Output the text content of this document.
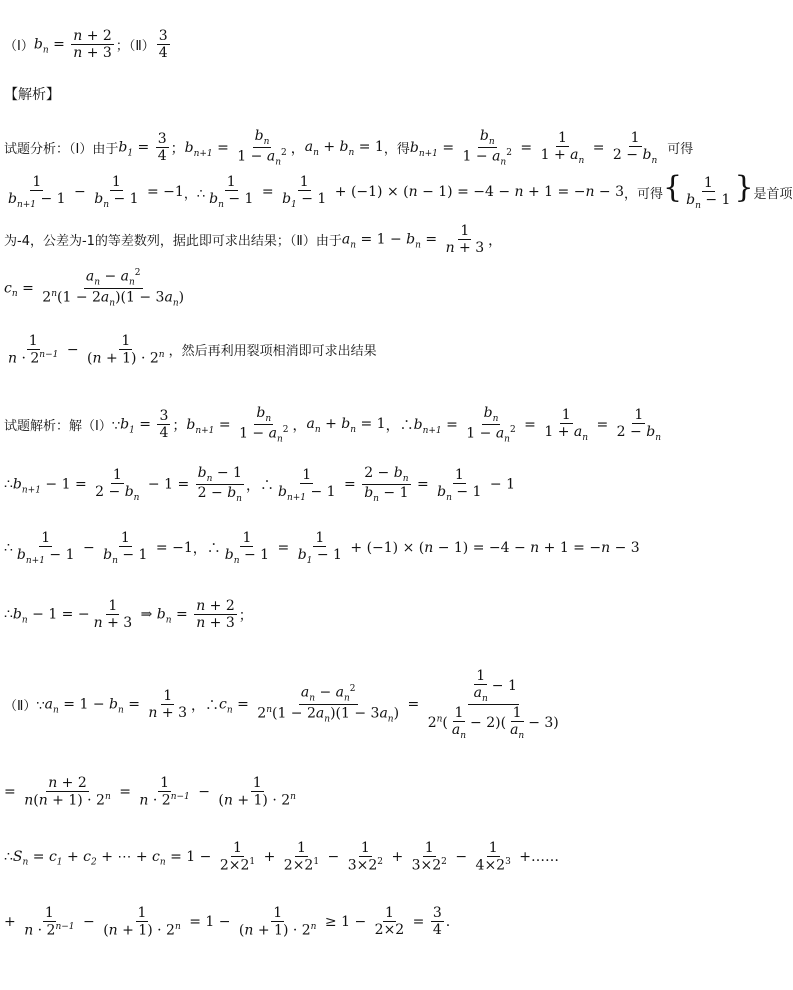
（Ⅰ） $b_n = \frac{n + 2}{n + 3}$ ；（Ⅱ） $\frac{3}{4}$
【解析】
试题分析：（Ⅰ）由于 $b_1 = \frac{3}{4}$ ； $b_{n+1} = \frac{b_n}{1 - a_n^2}$ ， $a_n + b_n = 1$ ，得 $b_{n+1} = \frac{b_n}{1 - a_n^2} = \frac{1}{1 + a_n} = \frac{1}{2 - b_n}$ 可得
$\frac{1}{b_{n+1} - 1} - \frac{1}{b_n - 1} = -1$ ，∴ $\frac{1}{b_n - 1} = \frac{1}{b_1 - 1} + (-1) \times (n - 1) = -4 - n + 1 = -n - 3$ ，可得 { $\frac{1}{b_n - 1}$ } 是首项
为-4，公差为-1的等差数列，据此即可求出结果；（Ⅱ）由于 $a_n = 1 - b_n = \frac{1}{n + 3}$ ，
$c_n = \frac{a_n - a_n^2}{2^n(1 - 2a_n)(1 - 3a_n)}$
$\frac{1}{n \cdot 2^{n-1}} - \frac{1}{(n + 1) \cdot 2^n}$ ，然后再利用裂项相消即可求出结果
试题解析：解（Ⅰ）∵ $b_1 = \frac{3}{4}$ ； $b_{n+1} = \frac{b_n}{1 - a_n^2}$ ， $a_n + b_n = 1$ ，∴ $b_{n+1} = \frac{b_n}{1 - a_n^2} = \frac{1}{1 + a_n} = \frac{1}{2 - b_n}$
$\therefore b_{n+1} - 1 = \frac{1}{2 - b_n} - 1 = \frac{b_n - 1}{2 - b_n}$ ，∴ $\frac{1}{b_{n+1} - 1} = \frac{2 - b_n}{b_n - 1} = \frac{1}{b_n - 1} - 1$
∴ $\frac{1}{b_{n+1} - 1} - \frac{1}{b_n - 1} = -1$ ，∴ $\frac{1}{b_n - 1} = \frac{1}{b_1 - 1} + (-1) \times (n - 1) = -4 - n + 1 = -n - 3$
$\therefore b_n - 1$ = − $\frac{1}{n + 3}$ ⇒ $b_n = \frac{n + 2}{n + 3}$ ；
（Ⅱ）∵ $a_n = 1 - b_n = \frac{1}{n + 3}$ ，∴ $c_n = \frac{a_n - a_n^2}{2^n(1 - 2a_n)(1 - 3a_n)} = \frac{\frac{1}{a_n} - 1}{2^n( \frac{1}{a_n} - 2)( \frac{1}{a_n} - 3)}$
= $\frac{n + 2}{n(n + 1) \cdot 2^n} = \frac{1}{n \cdot 2^{n-1}} - \frac{1}{(n + 1) \cdot 2^n}$
$\therefore S_n = c_1 + c_2$ + ⋯ + $c_n = 1 - \frac{1}{2\times 2^1} + \frac{1}{2\times 2^1} - \frac{1}{3\times 2^2} + \frac{1}{3\times 2^2} - \frac{1}{4\times 2^3}$ +……
+ $\frac{1}{n \cdot 2^{n-1}} - \frac{1}{(n + 1) \cdot 2^n} = 1 - \frac{1}{(n + 1) \cdot 2^n} \ge 1 - \frac{1}{2\times 2} = \frac{3}{4}$ .
